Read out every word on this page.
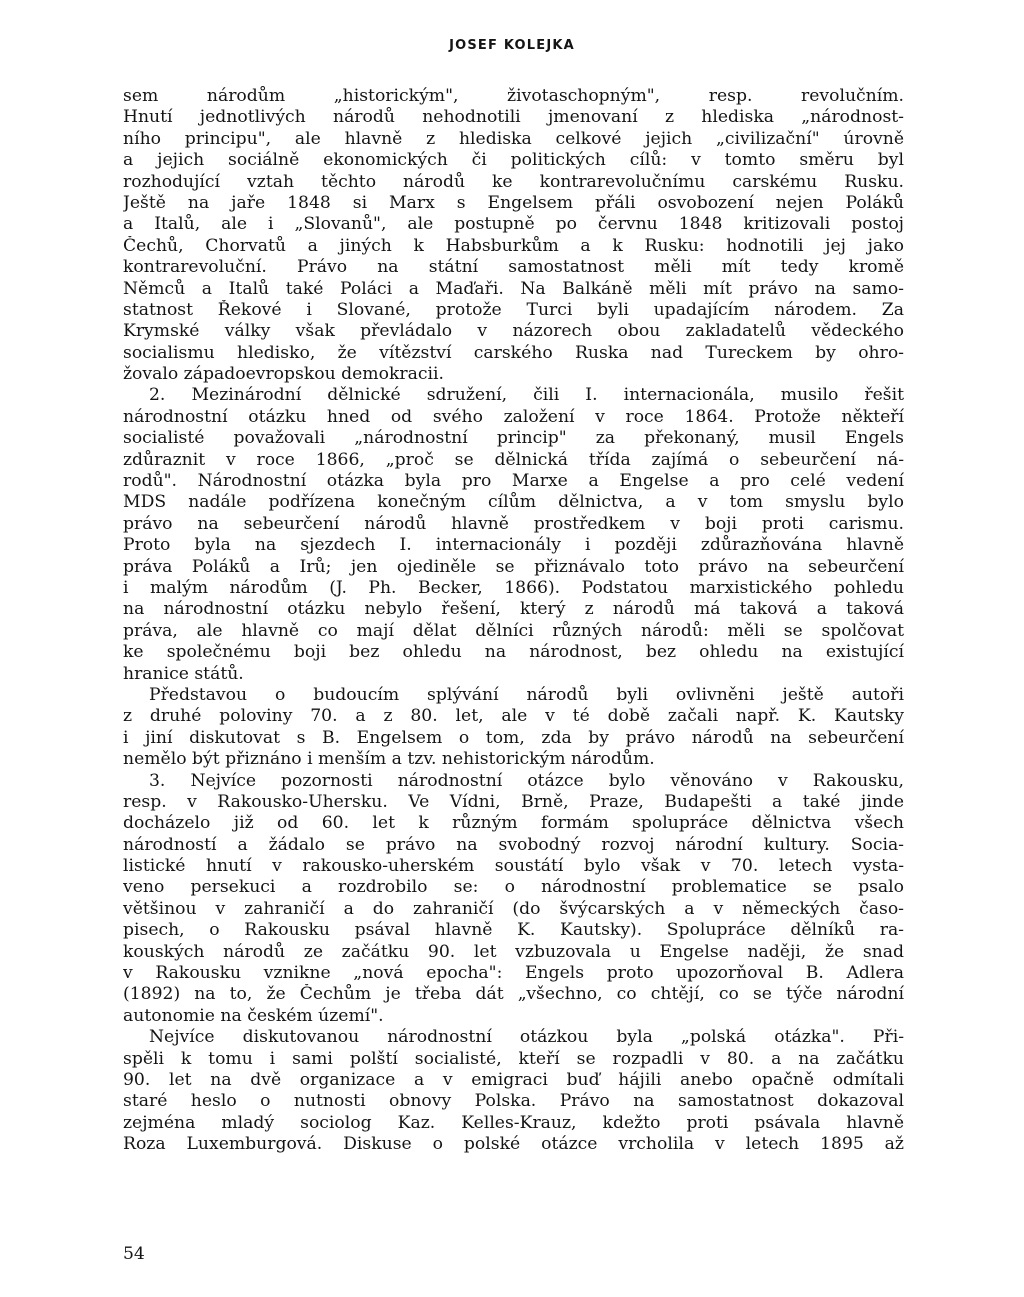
JOSEF KOLEJKA
sem národům „historickým", životaschopným", resp. revolučním.
Hnutí jednotlivých národů nehodnotili jmenovaní z hlediska „národnost-
ního principu", ale hlavně z hlediska celkové jejich „civilizační" úrovně
a jejich sociálně ekonomických či politických cílů: v tomto směru byl
rozhodující vztah těchto národů ke kontrarevolučnímu carskému Rusku.
Ještě na jaře 1848 si Marx s Engelsem přáli osvobození nejen Poláků
a Italů, ale i „Slovanů", ale postupně po červnu 1848 kritizovali postoj
Čechů, Chorvatů a jiných k Habsburkům a k Rusku: hodnotili jej jako
kontrarevoluční. Právo na státní samostatnost měli mít tedy kromě
Němců a Italů také Poláci a Maďaři. Na Balkáně měli mít právo na samo-
statnost Řekové i Slované, protože Turci byli upadajícím národem. Za
Krymské války však převládalo v názorech obou zakladatelů vědeckého
socialismu hledisko, že vítězství carského Ruska nad Tureckem by ohro-
žovalo západoevropskou demokracii.
2. Mezinárodní dělnické sdružení, čili I. internacionála, musilo řešit
národnostní otázku hned od svého založení v roce 1864. Protože někteří
socialisté považovali „národnostní princip" za překonaný, musil Engels
zdůraznit v roce 1866, „proč se dělnická třída zajímá o sebeurčení ná-
rodů". Národnostní otázka byla pro Marxe a Engelse a pro celé vedení
MDS nadále podřízena konečným cílům dělnictva, a v tom smyslu bylo
právo na sebeurčení národů hlavně prostředkem v boji proti carismu.
Proto byla na sjezdech I. internacionály i později zdůrazňována hlavně
práva Poláků a Irů; jen ojediněle se přiznávalo toto právo na sebeurčení
i malým národům (J. Ph. Becker, 1866). Podstatou marxistického pohledu
na národnostní otázku nebylo řešení, který z národů má taková a taková
práva, ale hlavně co mají dělat dělníci různých národů: měli se spolčovat
ke společnému boji bez ohledu na národnost, bez ohledu na existující
hranice států.
Představou o budoucím splývání národů byli ovlivněni ještě autoři
z druhé poloviny 70. a z 80. let, ale v té době začali např. K. Kautsky
i jiní diskutovat s B. Engelsem o tom, zda by právo národů na sebeurčení
nemělo být přiznáno i menším a tzv. nehistorickým národům.
3. Nejvíce pozornosti národnostní otázce bylo věnováno v Rakousku,
resp. v Rakousko-Uhersku. Ve Vídni, Brně, Praze, Budapešti a také jinde
docházelo již od 60. let k různým formám spolupráce dělnictva všech
národností a žádalo se právo na svobodný rozvoj národní kultury. Socia-
listické hnutí v rakousko-uherském soustátí bylo však v 70. letech vysta-
veno persekuci a rozdrobilo se: o národnostní problematice se psalo
většinou v zahraničí a do zahraničí (do švýcarských a v německých časo-
pisech, o Rakousku psával hlavně K. Kautsky). Spolupráce dělníků ra-
kouských národů ze začátku 90. let vzbuzovala u Engelse naději, že snad
v Rakousku vznikne „nová epocha": Engels proto upozorňoval B. Adlera
(1892) na to, že Čechům je třeba dát „všechno, co chtějí, co se týče národní
autonomie na českém území".
Nejvíce diskutovanou národnostní otázkou byla „polská otázka". Při-
spěli k tomu i sami polští socialisté, kteří se rozpadli v 80. a na začátku
90. let na dvě organizace a v emigraci buď hájili anebo opačně odmítali
staré heslo o nutnosti obnovy Polska. Právo na samostatnost dokazoval
zejména mladý sociolog Kaz. Kelles-Krauz, kdežto proti psávala hlavně
Roza Luxemburgová. Diskuse o polské otázce vrcholila v letech 1895 až
54
